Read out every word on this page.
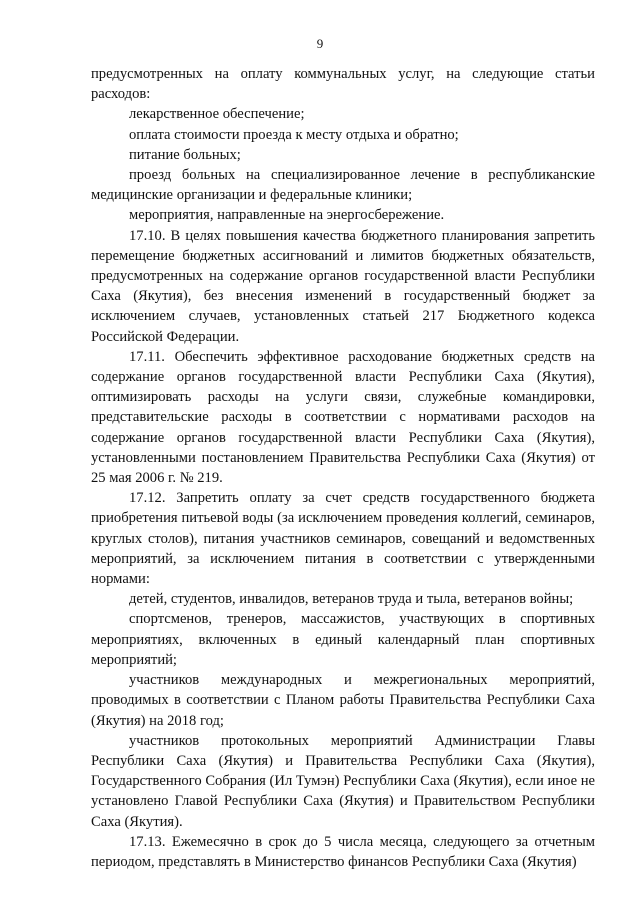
9

предусмотренных на оплату коммунальных услуг, на следующие статьи расходов:

лекарственное обеспечение;

оплата стоимости проезда к месту отдыха и обратно;

питание больных;

проезд больных на специализированное лечение в республиканские медицинские организации и федеральные клиники;

мероприятия, направленные на энергосбережение.

17.10. В целях повышения качества бюджетного планирования запретить перемещение бюджетных ассигнований и лимитов бюджетных обязательств, предусмотренных на содержание органов государственной власти Республики Саха (Якутия), без внесения изменений в государственный бюджет за исключением случаев, установленных статьей 217 Бюджетного кодекса Российской Федерации.

17.11. Обеспечить эффективное расходование бюджетных средств на содержание органов государственной власти Республики Саха (Якутия), оптимизировать расходы на услуги связи, служебные командировки, представительские расходы в соответствии с нормативами расходов на содержание органов государственной власти Республики Саха (Якутия), установленными постановлением Правительства Республики Саха (Якутия) от 25 мая 2006 г. № 219.

17.12. Запретить оплату за счет средств государственного бюджета приобретения питьевой воды (за исключением проведения коллегий, семинаров, круглых столов), питания участников семинаров, совещаний и ведомственных мероприятий, за исключением питания в соответствии с утвержденными нормами:

детей, студентов, инвалидов, ветеранов труда и тыла, ветеранов войны;

спортсменов, тренеров, массажистов, участвующих в спортивных мероприятиях, включенных в единый календарный план спортивных мероприятий;

участников международных и межрегиональных мероприятий, проводимых в соответствии с Планом работы Правительства Республики Саха (Якутия) на 2018 год;

участников протокольных мероприятий Администрации Главы Республики Саха (Якутия) и Правительства Республики Саха (Якутия), Государственного Собрания (Ил Тумэн) Республики Саха (Якутия), если иное не установлено Главой Республики Саха (Якутия) и Правительством Республики Саха (Якутия).

17.13. Ежемесячно в срок до 5 числа месяца, следующего за отчетным периодом, представлять в Министерство финансов Республики Саха (Якутия)
